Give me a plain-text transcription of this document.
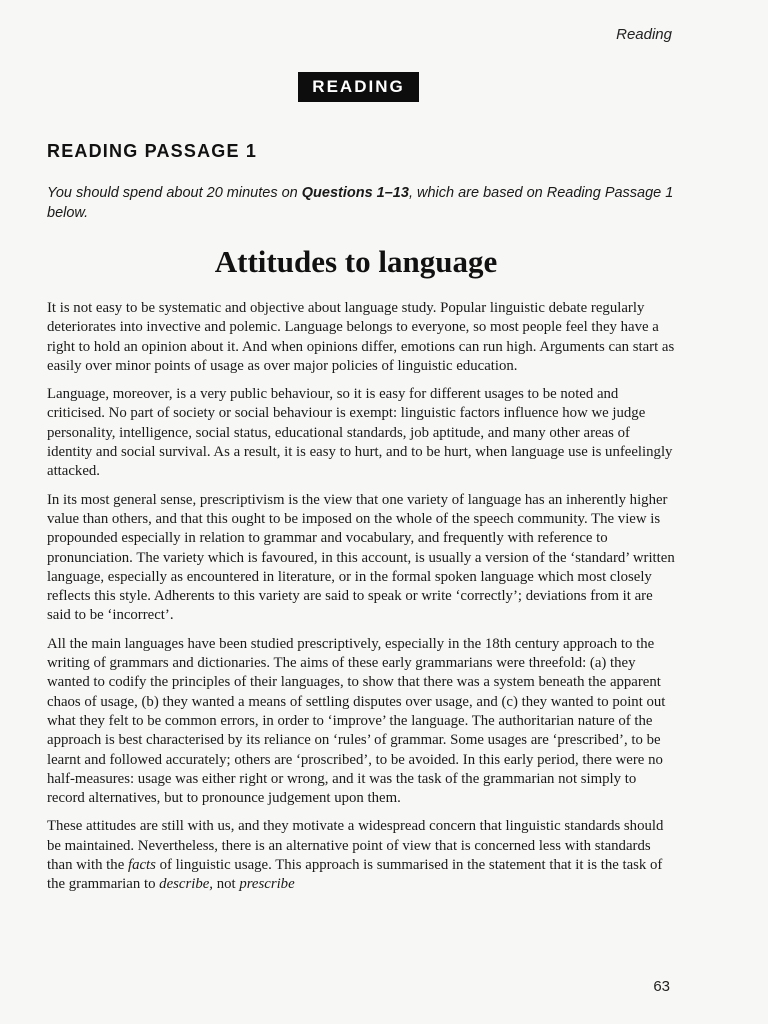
Reading
READING
READING PASSAGE 1
You should spend about 20 minutes on Questions 1–13, which are based on Reading Passage 1 below.
Attitudes to language

It is not easy to be systematic and objective about language study. Popular linguistic debate regularly deteriorates into invective and polemic. Language belongs to everyone, so most people feel they have a right to hold an opinion about it. And when opinions differ, emotions can run high. Arguments can start as easily over minor points of usage as over major policies of linguistic education.

Language, moreover, is a very public behaviour, so it is easy for different usages to be noted and criticised. No part of society or social behaviour is exempt: linguistic factors influence how we judge personality, intelligence, social status, educational standards, job aptitude, and many other areas of identity and social survival. As a result, it is easy to hurt, and to be hurt, when language use is unfeelingly attacked.

In its most general sense, prescriptivism is the view that one variety of language has an inherently higher value than others, and that this ought to be imposed on the whole of the speech community. The view is propounded especially in relation to grammar and vocabulary, and frequently with reference to pronunciation. The variety which is favoured, in this account, is usually a version of the ‘standard’ written language, especially as encountered in literature, or in the formal spoken language which most closely reflects this style. Adherents to this variety are said to speak or write ‘correctly’; deviations from it are said to be ‘incorrect’.

All the main languages have been studied prescriptively, especially in the 18th century approach to the writing of grammars and dictionaries. The aims of these early grammarians were threefold: (a) they wanted to codify the principles of their languages, to show that there was a system beneath the apparent chaos of usage, (b) they wanted a means of settling disputes over usage, and (c) they wanted to point out what they felt to be common errors, in order to ‘improve’ the language. The authoritarian nature of the approach is best characterised by its reliance on ‘rules’ of grammar. Some usages are ‘prescribed’, to be learnt and followed accurately; others are ‘proscribed’, to be avoided. In this early period, there were no half-measures: usage was either right or wrong, and it was the task of the grammarian not simply to record alternatives, but to pronounce judgement upon them.

These attitudes are still with us, and they motivate a widespread concern that linguistic standards should be maintained. Nevertheless, there is an alternative point of view that is concerned less with standards than with the facts of linguistic usage. This approach is summarised in the statement that it is the task of the grammarian to describe, not prescribe

63
